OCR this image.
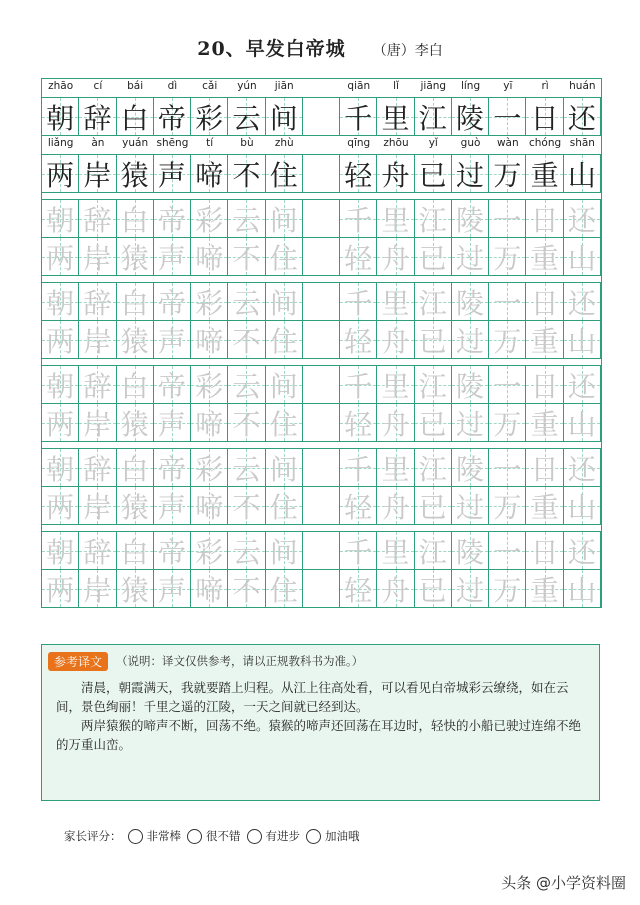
20、早发白帝城 （唐）李白
zhāo	cí	bái	dì	cǎi	yún	jiān	qiān	lǐ	jiāng	líng	yī	rì	huán
朝 辞 白 帝 彩 云 间 千 里 江 陵 一 日 还
liǎng	àn	yuán shēng	tí	bù	zhù	qīng	zhōu	yǐ	guò	wàn chóng shān
两 岸 猿 声 啼 不 住 轻 舟 已 过 万 重 山
朝 辞 白 帝 彩 云 间 千 里 江 陵 一 日 还
两 岸 猿 声 啼 不 住 轻 舟 已 过 万 重 山
朝 辞 白 帝 彩 云 间 千 里 江 陵 一 日 还
两 岸 猿 声 啼 不 住 轻 舟 已 过 万 重 山
朝 辞 白 帝 彩 云 间 千 里 江 陵 一 日 还
两 岸 猿 声 啼 不 住 轻 舟 已 过 万 重 山
朝 辞 白 帝 彩 云 间 千 里 江 陵 一 日 还
两 岸 猿 声 啼 不 住 轻 舟 已 过 万 重 山
朝 辞 白 帝 彩 云 间 千 里 江 陵 一 日 还
两 岸 猿 声 啼 不 住 轻 舟 已 过 万 重 山
参考译文	（说明：译文仅供参考，请以正规教科书为准。）
清晨，朝霞满天，我就要踏上归程。从江上往高处看，可以看见白帝城彩云缭绕，如在云间，景色绚丽！千里之遥的江陵，一天之间就已经到达。
两岸猿猴的啼声不断，回荡不绝。猿猴的啼声还回荡在耳边时，轻快的小船已驶过连绵不绝的万重山峦。
家长评分： 非常棒 很不错 有进步 加油哦
头条 @小学资料圈
